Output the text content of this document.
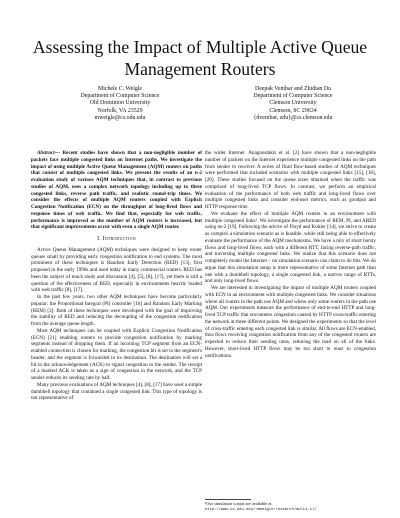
Assessing the Impact of Multiple Active Queue Management Routers
Michele C. Weigle
Department of Computer Science
Old Dominion University
Norfolk, VA 23529
mweigle@cs.odu.edu
Deepak Vembar and Zhidian Du
Department of Computer Science
Clemson University
Clemson, SC 29634
{dvembar, zdu}@cs.clemson.edu

Abstract— Recent studies have shown that a non-negligible number of packets face multiple congested links on Internet paths. We investigate the impact of using multiple Active Queue Management (AQM) routers on paths that consist of multiple congested links. We present the results of an n-2 evaluation study of various AQM techniques that, in contrast to previous studies of AQM, uses a complex network topology including up to three congested links, reverse path traffic, and realistic round-trip times. We consider the effects of multiple AQM routers coupled with Explicit Congestion Notification (ECN) on the throughput of long-lived flows and response times of web traffic. We find that, especially for web traffic, performance is improved as the number of AQM routers is increased, but that significant improvements occur with even a single AQM router.

I. Introduction

Active Queue Management (AQM) techniques were designed to keep router queues small by providing early congestion notification to end systems. The most prominent of these techniques is Random Early Detection (RED) [13], first proposed in the early 1990s and used today in many commercial routers. RED has been the subject of much study and discussion [4], [5], [8], [17], yet there is still a question of the effectiveness of RED, especially in environments heavily loaded with web traffic [8], [17].

In the past few years, two other AQM techniques have become particularly popular: the Proportional Integral (PI) controller [16] and Random Early Marking (REM) [3]. Both of these techniques were developed with the goal of improving the stability of RED and reducing the decoupling of the congestion notification from the average queue length.

Most AQM techniques can be coupled with Explicit Congestion Notification (ECN) [21] enabling routers to provide congestion notification by marking segments instead of dropping them. If an incoming TCP segment from an ECN-enabled connection is chosen for marking, the congestion bit is set in the segment's header, and the segment is forwarded to its destination. The destination will set a bit in the acknowledgement (ACK) to signal congestion to the sender. The receipt of a marked ACK is taken as a sign of congestion in the network, and the TCP sender reduces its sending rate by half.

Many previous evaluations of AQM techniques [4], [8], [17] have used a simple dumbbell topology that contained a single congested link. This type of topology is not representative of

the wider Internet. Anagnostakis et al. [2] have shown that a non-negligible number of packets on the Internet experience multiple congested links on the path from sender to receiver. A series of fluid flow-based studies of AQM techniques were performed that included scenarios with multiple congested links [15], [18], [20]. These studies focused on the queue sizes obtained when the traffic was comprised of long-lived TCP flows. In contrast, we perform an empirical evaluation of the performance of both web traffic and long-lived flows over multiple congested links and consider end-user metrics, such as goodput and HTTP response time.

We evaluate the effect of multiple AQM routers in an environment with multiple congested links¹. We investigate the performance of REM, PI, and ARED using ns-2 [19]. Following the advice of Floyd and Kohler [14], we strive to create as complex a simulation scenario as is feasible, while still being able to effectively evaluate the performance of the AQM mechanisms. We have a mix of short bursty flows and long-lived flows, each with a different RTT, facing reverse-path traffic, and traversing multiple congested links. We realize that this scenario does not completely model the Internet – no simulation scenario can claim to do this. We do argue that this simulation setup is more representative of some Internet path than one with a dumbbell topology, a single congested link, a narrow range of RTTs, and only long-lived flows.

We are interested in investigating the impact of multiple AQM routers coupled with ECN in an environment with multiple congested links. We consider situations where all routers in the path use AQM and where only some routers in the path use AQM. Our experiments measure the performance of end-to-end HTTP and long-lived TCP traffic that encounters congestion caused by HTTP cross-traffic entering the network at three different points. We designed the experiments so that the level of cross-traffic entering each congested link is similar. All flows are ECN-enabled, thus flows receiving congestion notification from any of the congested routers are expected to reduce their sending rates, reducing the load on all of the links. However, short-lived HTTP flows may be too short to react to congestion notifications.

¹Our simulation scripts are available at http://www.cs.odu.edu/~mweigle/research/multi-cl/
